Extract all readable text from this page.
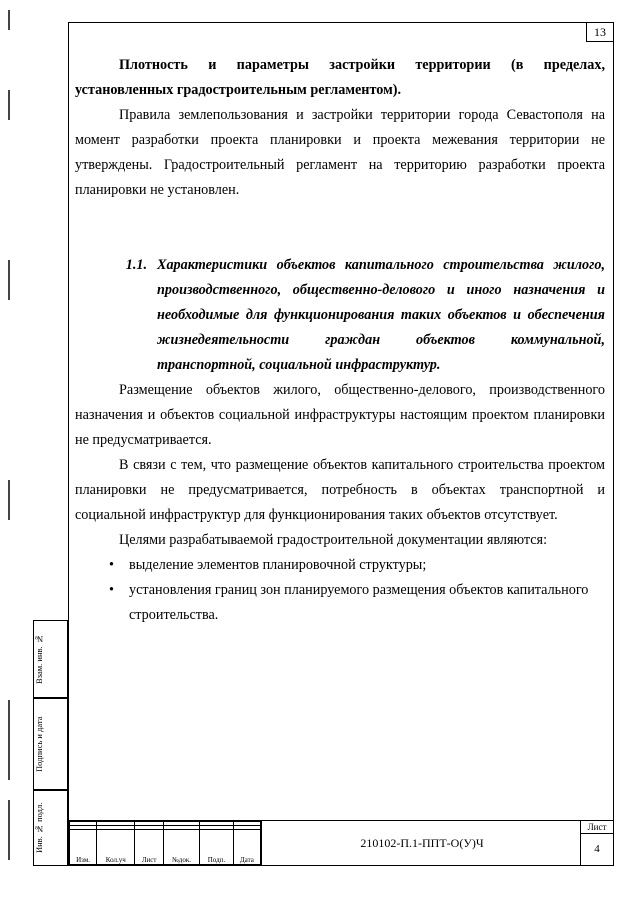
Взам. инв. №
Подпись и дата
Инв. № подл.
13

Плотность и параметры застройки территории (в пределах, установленных градостроительным регламентом).

Правила землепользования и застройки территории города Севастополя на момент разработки проекта планировки и проекта межевания территории не утверждены. Градостроительный регламент на территорию разработки проекта планировки не установлен.

1.1. Характеристики объектов капитального строительства жилого, производственного, общественно-делового и иного назначения и необходимые для функционирования таких объектов и обеспечения жизнедеятельности граждан объектов коммунальной, транспортной, социальной инфраструктур.

Размещение объектов жилого, общественно-делового, производственного назначения и объектов социальной инфраструктуры настоящим проектом планировки не предусматривается.

В связи с тем, что размещение объектов капитального строительства проектом планировки не предусматривается, потребность в объектах транспортной и социальной инфраструктур для функционирования таких объектов отсутствует.

Целями разрабатываемой градостроительной документации являются:

•	выделение элементов планировочной структуры;
•	установления границ зон планируемого размещения объектов капитального строительства.

Изм.	Кол.уч	Лист	№док.	Подп.	Дата
210102-П.1-ППТ-О(У)Ч
Лист
4
